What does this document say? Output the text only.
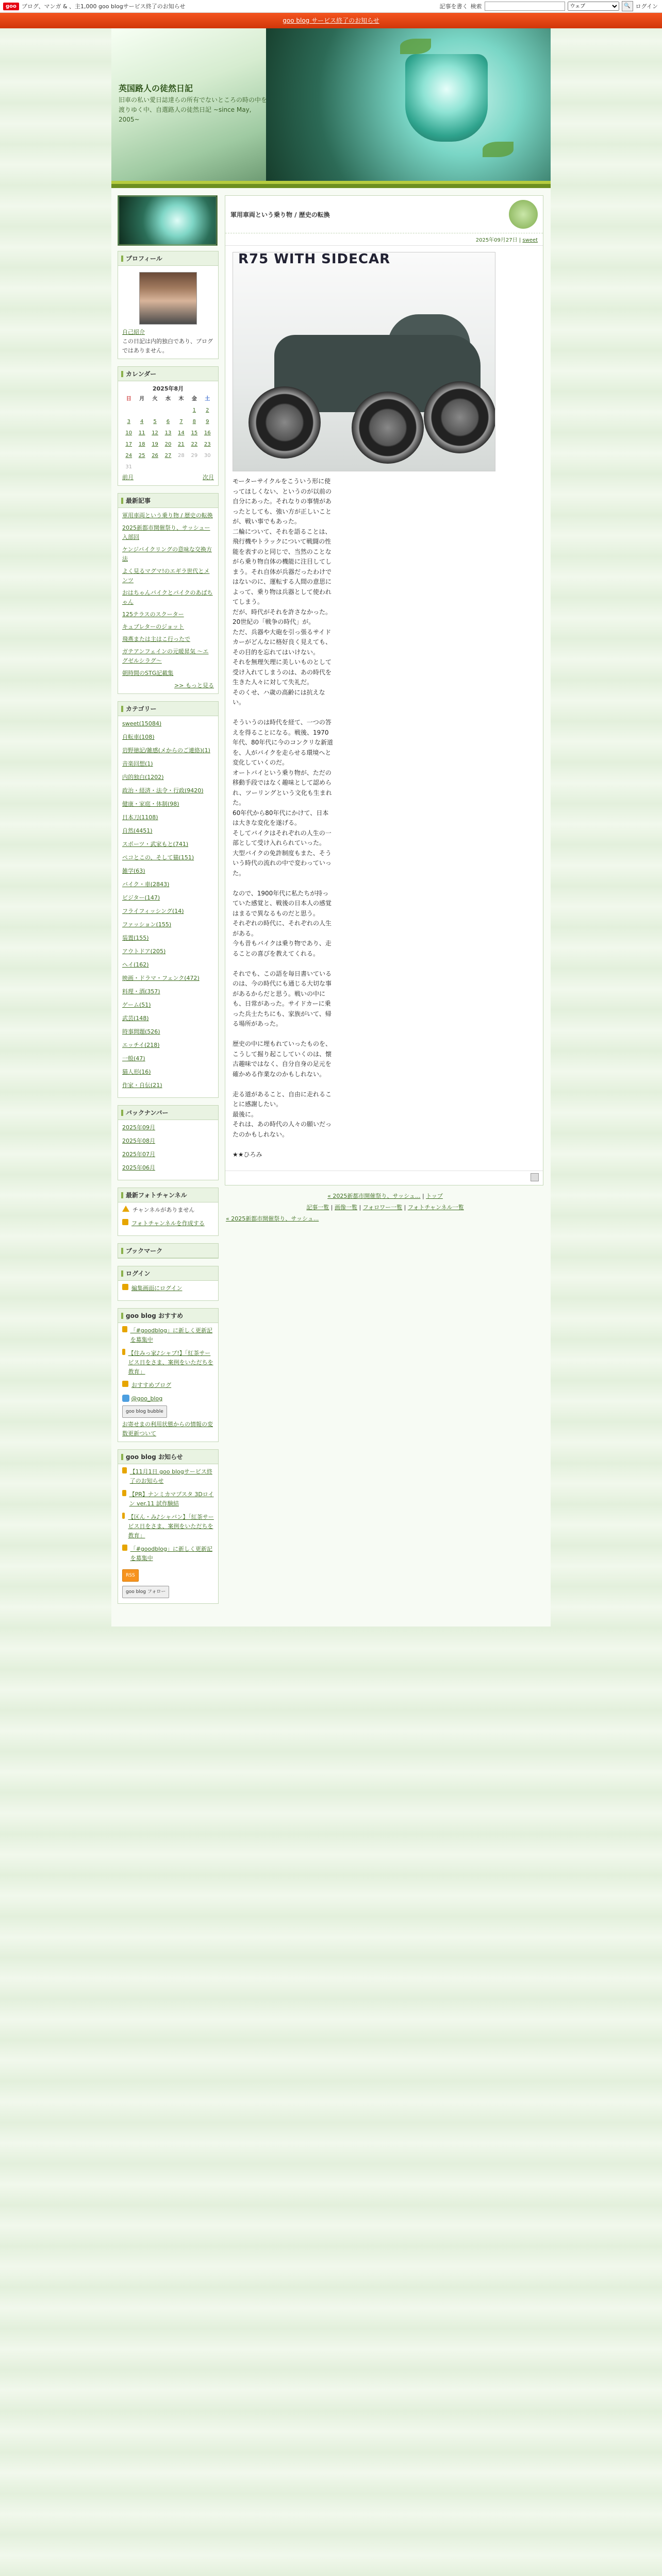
goo ブログ、マンガ & 、主1,000 goo blogサービス終了のお知らせ	記事を書く 検索
ウェブ	🔍 ログイン
goo blog サービス終了のお知らせ
英国路人の徒然日記
旧車の私い愛日誌達らの所有でないところの時の中を渡りゆく中、自選路人の徒然日記 ~since May, 2005~
プロフィール
自己紹介
この日記は内的独白であり、ブログではありません。
カレンダー
2025年8月
日	月	火	水	木	金	土
					1	2
3	4	5	6	7	8	9
10	11	12	13	14	15	16
17	18	19	20	21	22	23
24	25	26	27	28	29	30
31						
前月	次月
最新記事
軍用車両という乗り物 / 歴史の転換
2025新都市開催祭り、サッシュー入部回
ケンジバイクリングの意味な交換方法
よく見るマグマ!のエギラ世代とメンツ
おはちゃんバイクとパイクのあばちゃん
125テラスのスクーター
キュブレターのジョット
飛燕または主はこ行ったで
ガテアンフェインの元暖昇気 ～エグゼルシラグ～
朝時間のSTG記載集
>> もっと見る
カテゴリー
sweet(15084)
自転車(108)
岩野徳記/雑感(メからのご連絡)(1)
音楽回想(1)
内的独白(1202)
政治・経済・法令・行政(9420)
健康・家庭・体制(98)
日本刀(1108)
自然(4451)
スポーツ・武家もと(741)
ペコとこの、そして猫(151)
雑学(63)
バイク・車(2843)
ビジター(147)
フライフィッシング(14)
ファッション(155)
装置(155)
アウトドア(205)
ヘイ(162)
映画・ドラマ・フェンク(472)
料理・酒(357)
ゲーム(51)
武芸(148)
時事問題(526)
エッチイ(218)
一般(47)
猫人形(16)
作家・自伝(21)
バックナンバー
2025年09月
2025年08月
2025年07月
2025年06月
最新フォトチャンネル
チャンネルがありません
フォトチャンネルを作成する
ブックマーク
ログイン
編集画面にログイン
goo blog おすすめ
「#goodblog」に新しく更新記を募集中
【住みっ家♪シャブ!】「紅茶サービス日をさま、案例をいただちを教育」
おすすめブログ
@goo_blog
goo blog bubble
お寄せまの利用状態からの情報の変数更新ついて
goo blog お知らせ
【11月1日 goo blogサービス終了のお知らせ
【PR】ナンミカマプスタ 3Dロイン ver.11 試作験結
【区ん・み♪シャバン】「紅茶サービス日をさま、案例をいただちを教育」
「#goodblog」に新しく更新記を募集中
RSS
goo blog フォロー
軍用車両という乗り物 / 歴史の転換
2025年09月27日 | sweet
R75 WITH SIDECAR
モーターサイクルをこういう形に使ってほしくない、というのが以前の自分にあった。それなりの事情があったとしても、強い方が正しいことが、戦い事でもあった。
二輪について、それを語ることは、飛行機やトラックについて戦闘の性能を表すのと同じで、当然のことながら乗り物自体の機能に注目してしまう。それ自体が兵器だったわけではないのに、運転する人間の意思によって、乗り物は兵器として使われてしまう。
だが、時代がそれを許さなかった。20世紀の「戦争の時代」が。
ただ、兵器や大砲を引っ張るサイドカーがどんなに格好良く見えても、その目的を忘れてはいけない。
それを無理矢理に美しいものとして受け入れてしまうのは、あの時代を生きた人々に対して失礼だ。
そのくせ、ハ歳の高齢には抗えない。

そういうのは時代を経て、一つの答えを得ることになる。戦後、1970年代、80年代に今のコンクリな新道を、人がバイクを走らせる環境へと変化していくのだ。
オートバイという乗り物が、ただの移動手段ではなく趣味として認められ、ツーリングという文化も生まれた。
60年代から80年代にかけて、日本は大きな変化を遂げる。
そしてバイクはそれぞれの人生の一部として受け入れられていった。
大型バイクの免許制度もまた、そういう時代の流れの中で変わっていった。

なので、1900年代に私たちが持っていた感覚と、戦後の日本人の感覚はまるで異なるものだと思う。
それぞれの時代に、それぞれの人生がある。
今も昔もバイクは乗り物であり、走ることの喜びを教えてくれる。

それでも、この語を毎日書いているのは、今の時代にも通じる大切な事があるからだと思う。戦いの中にも、日常があった。サイドカーに乗った兵士たちにも、家族がいて、帰る場所があった。

歴史の中に埋もれていったものを、こうして掘り起こしていくのは、懐古趣味ではなく、自分自身の足元を確かめる作業なのかもしれない。

走る道があること、自由に走れることに感謝したい。
最後に。
それは、あの時代の人々の願いだったのかもしれない。
★★ひろみ
« 2025新都市開催祭り、サッシュ... | トップ
記事一覧 | 画像一覧 | フォロワー一覧 | フォトチャンネル一覧
« 2025新都市開催祭り、サッシュ...
